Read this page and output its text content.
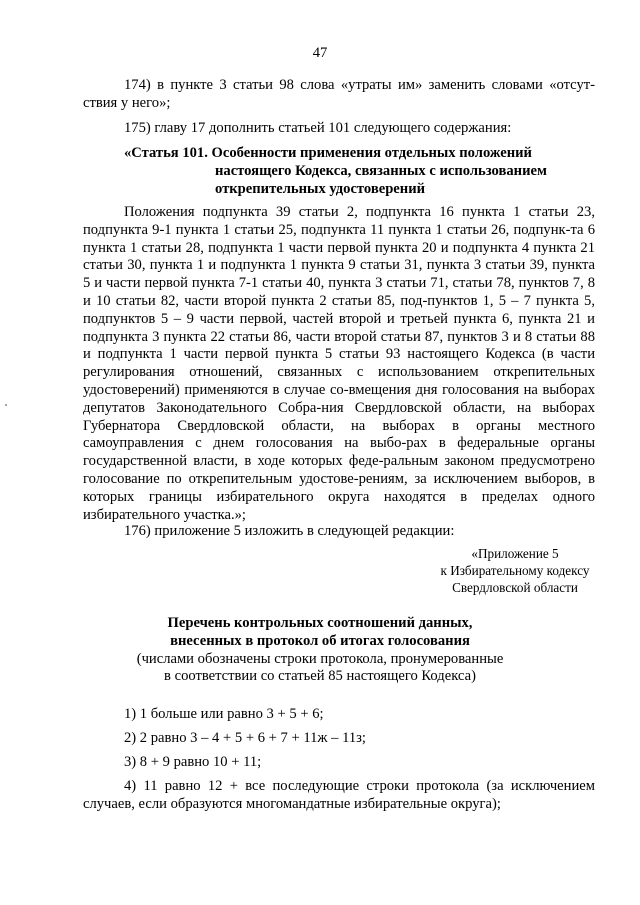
47
174) в пункте 3 статьи 98 слова «утраты им» заменить словами «отсут-ствия у него»;
175) главу 17 дополнить статьей 101 следующего содержания:
«Статья 101. Особенности применения отдельных положений
настоящего Кодекса, связанных с использованием
открепительных удостоверений
Положения подпункта 39 статьи 2, подпункта 16 пункта 1 статьи 23, подпункта 9-1 пункта 1 статьи 25, подпункта 11 пункта 1 статьи 26, подпунк-та 6 пункта 1 статьи 28, подпункта 1 части первой пункта 20 и подпункта 4 пункта 21 статьи 30, пункта 1 и подпункта 1 пункта 9 статьи 31, пункта 3 статьи 39, пункта 5 и части первой пункта 7-1 статьи 40, пункта 3 статьи 71, статьи 78, пунктов 7, 8 и 10 статьи 82, части второй пункта 2 статьи 85, под-пунктов 1, 5 – 7 пункта 5, подпунктов 5 – 9 части первой, частей второй и третьей пункта 6, пункта 21 и подпункта 3 пункта 22 статьи 86, части второй статьи 87, пунктов 3 и 8 статьи 88 и подпункта 1 части первой пункта 5 статьи 93 настоящего Кодекса (в части регулирования отношений, связанных с использованием открепительных удостоверений) применяются в случае со-вмещения дня голосования на выборах депутатов Законодательного Собра-ния Свердловской области, на выборах Губернатора Свердловской области, на выборах в органы местного самоуправления с днем голосования на выбо-рах в федеральные органы государственной власти, в ходе которых феде-ральным законом предусмотрено голосование по открепительным удостове-рениям, за исключением выборов, в которых границы избирательного округа находятся в пределах одного избирательного участка.»;
176) приложение 5 изложить в следующей редакции:
«Приложение 5
к Избирательному кодексу
Свердловской области
Перечень контрольных соотношений данных,
внесенных в протокол об итогах голосования
(числами обозначены строки протокола, пронумерованные
в соответствии со статьей 85 настоящего Кодекса)
1) 1 больше или равно 3 + 5 + 6;
2) 2 равно 3 – 4 + 5 + 6 + 7 + 11ж – 11з;
3) 8 + 9 равно 10 + 11;
4) 11 равно 12 + все последующие строки протокола (за исключением случаев, если образуются многомандатные избирательные округа);
